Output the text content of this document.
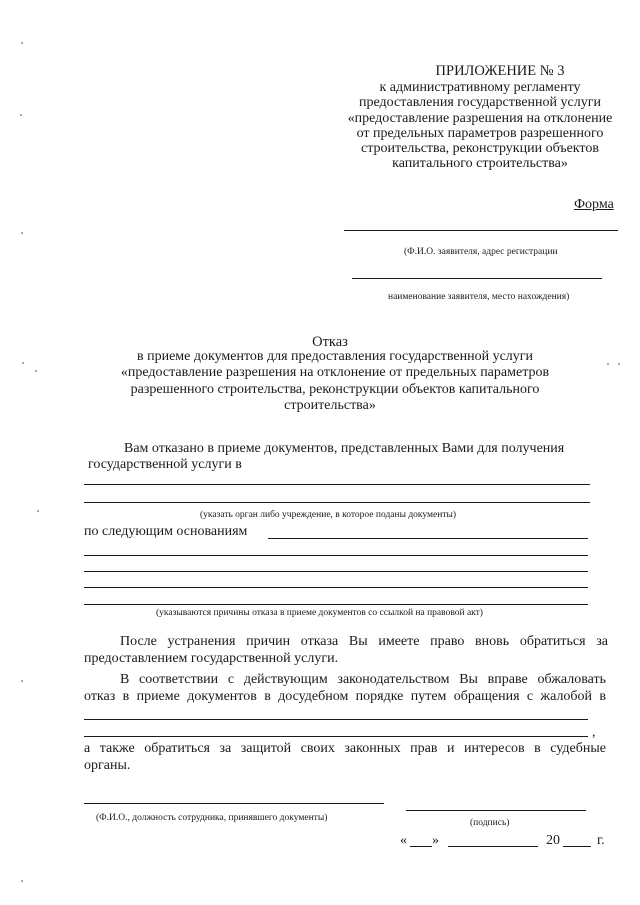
ПРИЛОЖЕНИЕ № 3
к административному регламенту
предоставления государственной услуги
«предоставление разрешения на отклонение
от предельных параметров разрешенного
строительства, реконструкции объектов
капитального строительства»
Форма
(Ф.И.О. заявителя, адрес регистрации
наименование заявителя, место нахождения)
Отказ
в приеме документов для предоставления государственной услуги
«предоставление разрешения на отклонение от предельных параметров
разрешенного строительства, реконструкции объектов капитального
строительства»
Вам отказано в приеме документов, представленных Вами для получения
государственной услуги в
(указать орган либо учреждение, в которое поданы документы)
по следующим основаниям
(указываются причины отказа в приеме документов со ссылкой на правовой акт)
После устранения причин отказа Вы имеете право вновь обратиться за
предоставлением государственной услуги.
В соответствии с действующим законодательством Вы вправе обжаловать
отказ в приеме документов в досудебном порядке путем обращения с жалобой в
,
а также обратиться за защитой своих законных прав и интересов в судебные
органы.
(Ф.И.О., должность сотрудника, принявшего документы)	(подпись)
« »	20	г.
